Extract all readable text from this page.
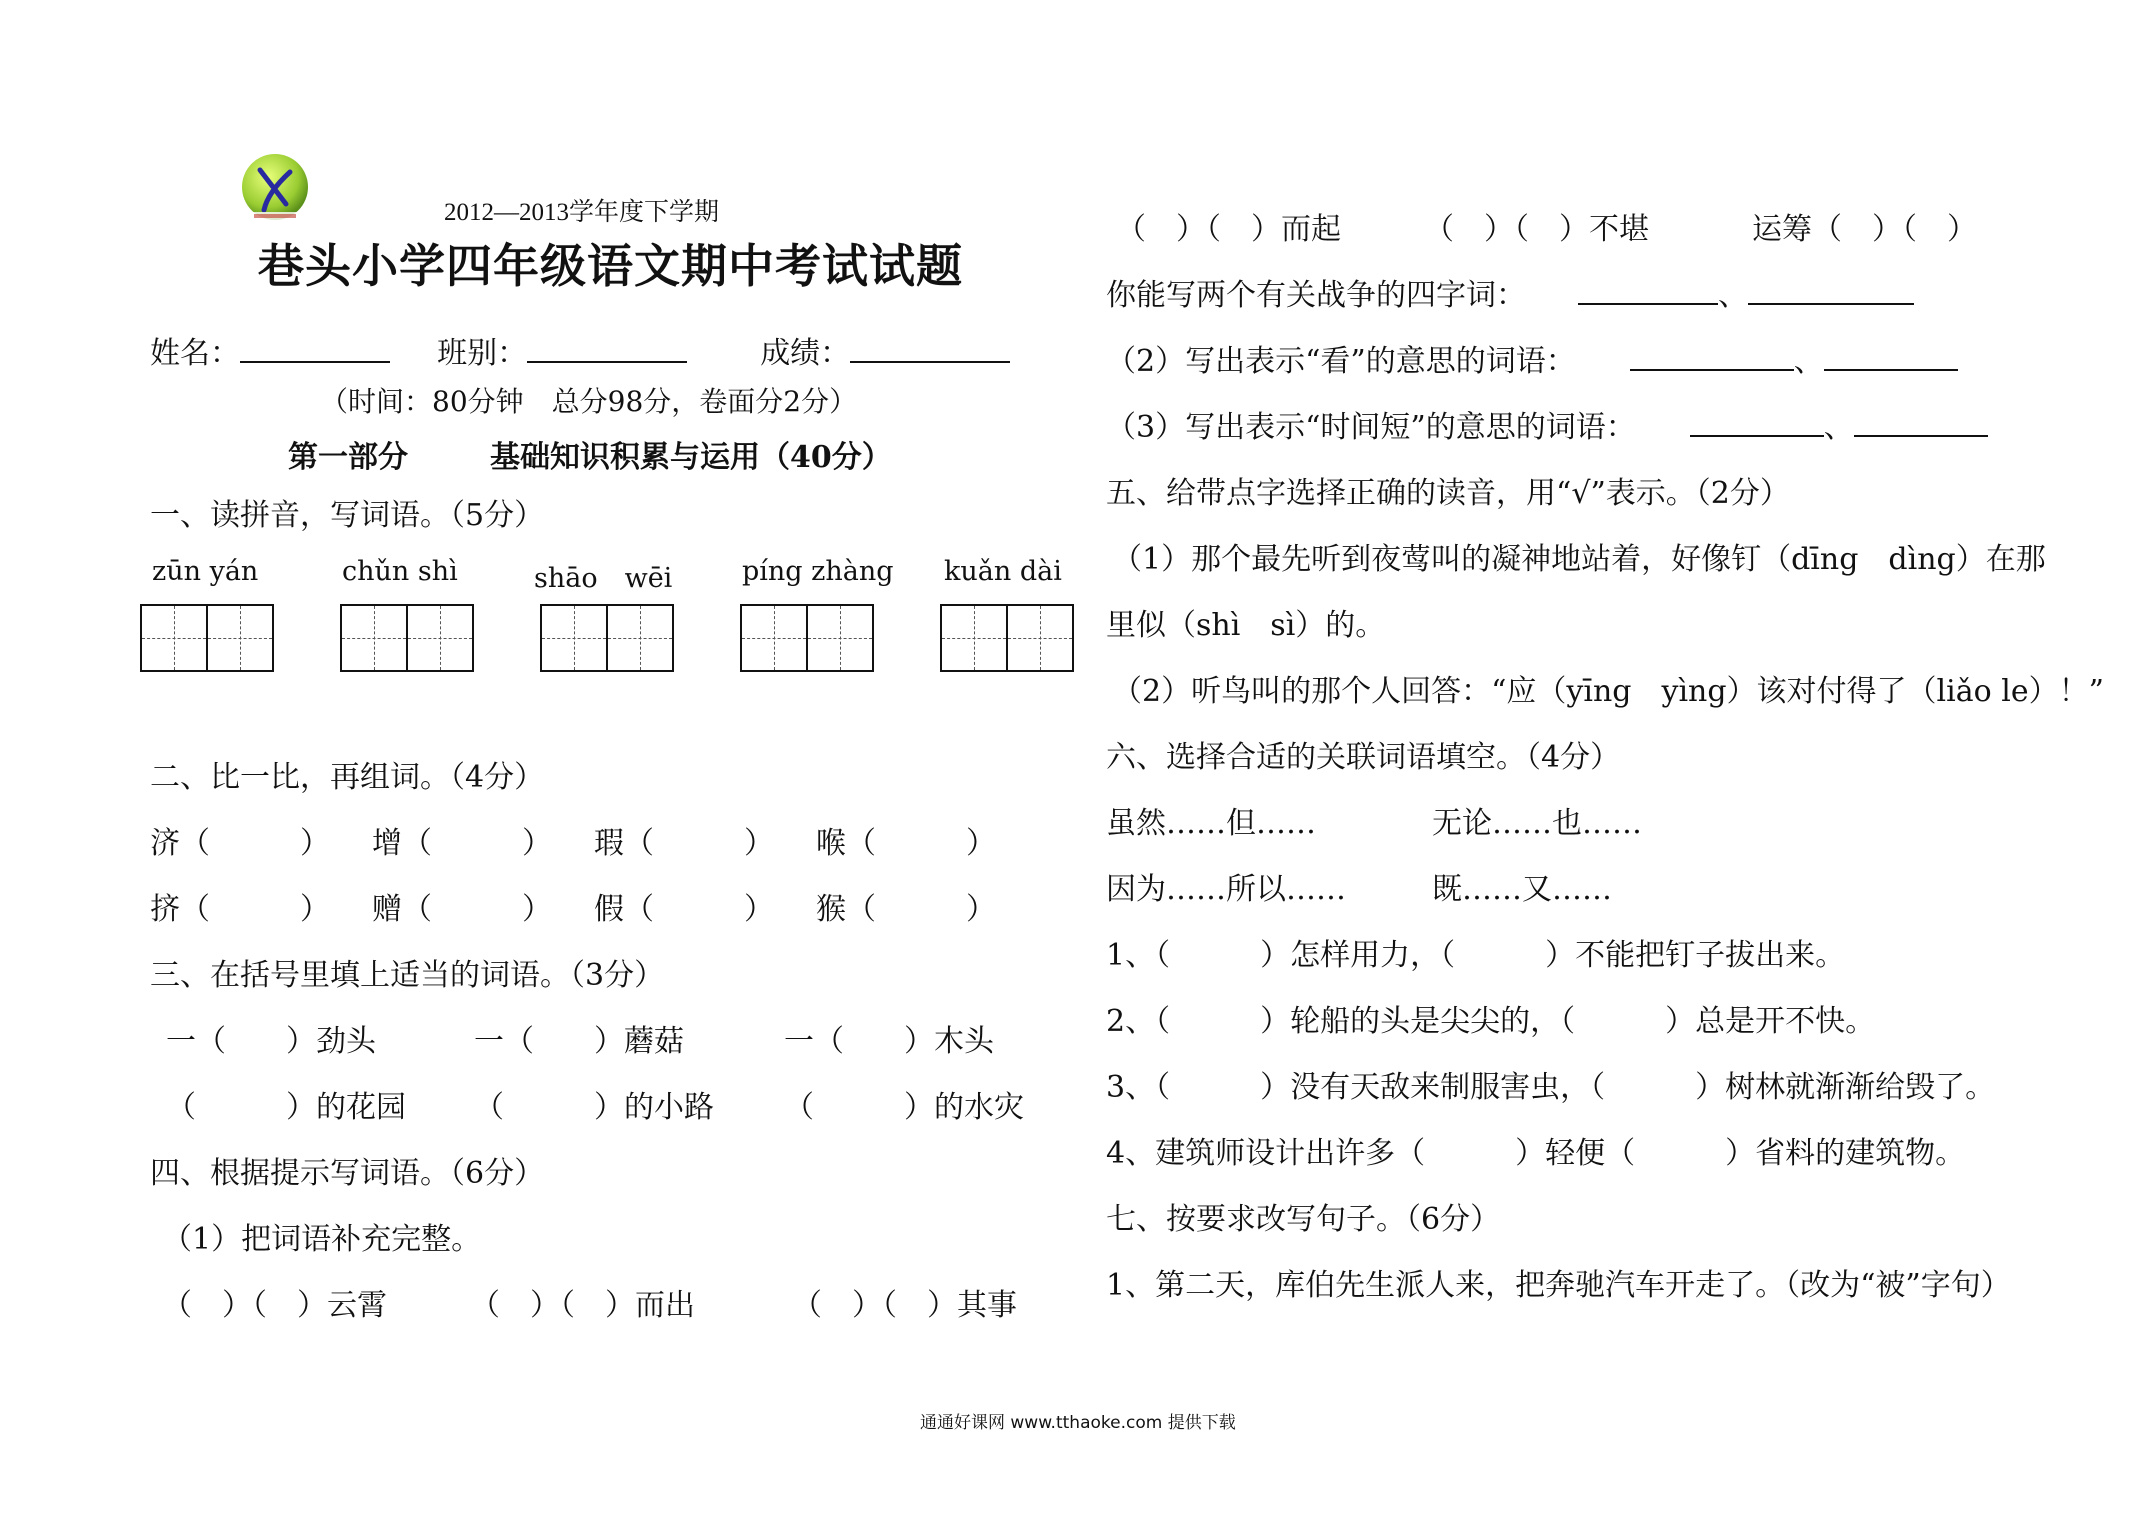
2012—2013学年度下学期
巷头小学四年级语文期中考试试题
姓名：	班别：	成绩：
（时间：80分钟　总分98分，卷面分2分）
第一部分	基础知识积累与运用（40分）
一、读拼音，写词语。（5分）
zūn yán	chǔn shì	shāo　wēi	píng zhàng kuǎn dài
二、比一比，再组词。（4分）
济（　　　） 增（　　　） 瑕（　　　） 喉（　　　）
挤（　　　） 赠（　　　） 假（　　　） 猴（　　　）
三、在括号里填上适当的词语。（3分）
一（　　）劲头	一（　　）蘑菇	一（　　）木头
（　　　）的花园 （　　　）的小路 （　　　）的水灾
四、根据提示写词语。（6分）
（1）把词语补充完整。
（　）（　）云霄	（　）（　）而出	（　）（　）其事
（　）（　）而起	（　）（　）不堪	运筹（　）（　）
你能写两个有关战争的四字词：	、
（2）写出表示“看”的意思的词语：	、
（3）写出表示“时间短”的意思的词语：	、
五、给带点字选择正确的读音，用“√”表示。（2分）
（1）那个最先听到夜莺叫的凝神地站着，好像钉（dīng　dìng）在那
里似（shì　sì）的。
（2）听鸟叫的那个人回答：“应（yīng　yìng）该对付得了（liǎo le）！”
六、选择合适的关联词语填空。（4分）
虽然……但……	无论……也……
因为……所以……	既……又……
1、（　　　）怎样用力，（　　　）不能把钉子拔出来。
2、（　　　）轮船的头是尖尖的，（　　　）总是开不快。
3、（　　　）没有天敌来制服害虫，（　　　）树林就渐渐给毁了。
4、建筑师设计出许多（　　　）轻便（　　　）省料的建筑物。
七、按要求改写句子。（6分）
1、第二天，库伯先生派人来，把奔驰汽车开走了。（改为“被”字句）
通通好课网 www.tthaoke.com 提供下载
